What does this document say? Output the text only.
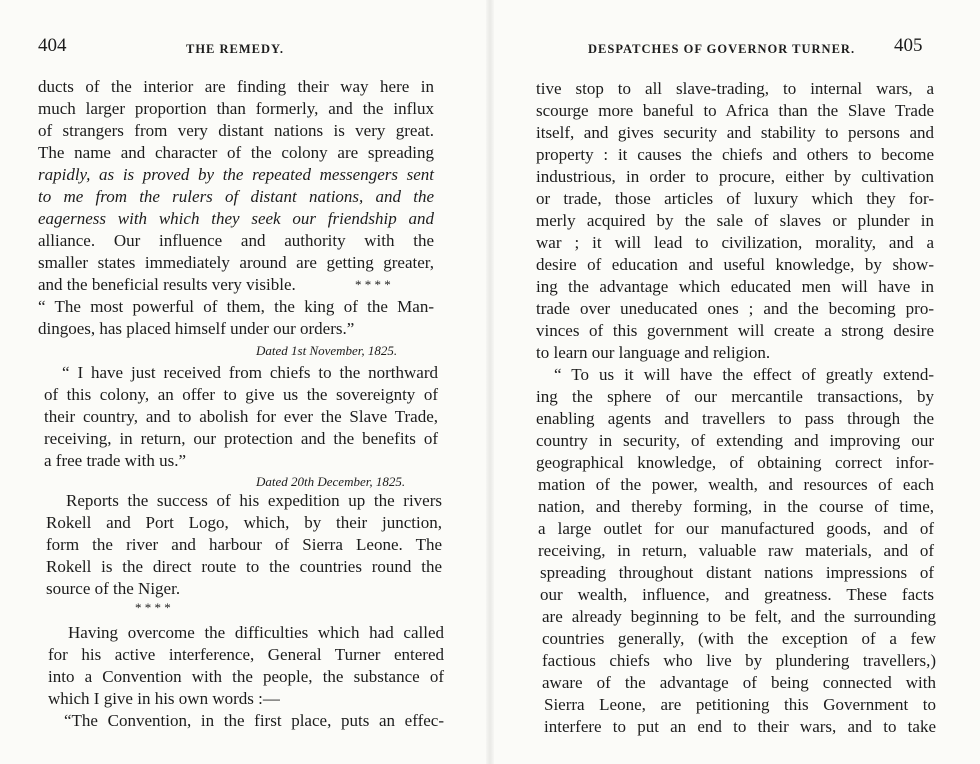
404	THE REMEDY.
ducts of the interior are finding their way here in
much larger proportion than formerly, and the influx
of strangers from very distant nations is very great.
The name and character of the colony are spreading
rapidly, as is proved by the repeated messengers sent
to me from the rulers of distant nations, and the
eagerness with which they seek our friendship and
alliance. Our influence and authority with the
smaller states immediately around are getting greater,
and the beneficial results very visible.	* * * *
“ The most powerful of them, the king of the Man-
dingoes, has placed himself under our orders.”
Dated 1st November, 1825.
“ I have just received from chiefs to the northward
of this colony, an offer to give us the sovereignty of
their country, and to abolish for ever the Slave Trade,
receiving, in return, our protection and the benefits of
a free trade with us.”
Dated 20th December, 1825.
Reports the success of his expedition up the rivers
Rokell and Port Logo, which, by their junction,
form the river and harbour of Sierra Leone. The
Rokell is the direct route to the countries round the
source of the Niger.
* * * *
Having overcome the difficulties which had called
for his active interference, General Turner entered
into a Convention with the people, the substance of
which I give in his own words :—
“The Convention, in the first place, puts an effec-
DESPATCHES OF GOVERNOR TURNER. 405
tive stop to all slave-trading, to internal wars, a
scourge more baneful to Africa than the Slave Trade
itself, and gives security and stability to persons and
property : it causes the chiefs and others to become
industrious, in order to procure, either by cultivation
or trade, those articles of luxury which they for-
merly acquired by the sale of slaves or plunder in
war ; it will lead to civilization, morality, and a
desire of education and useful knowledge, by show-
ing the advantage which educated men will have in
trade over uneducated ones ; and the becoming pro-
vinces of this government will create a strong desire
to learn our language and religion.
“ To us it will have the effect of greatly extend-
ing the sphere of our mercantile transactions, by
enabling agents and travellers to pass through the
country in security, of extending and improving our
geographical knowledge, of obtaining correct infor-
mation of the power, wealth, and resources of each
nation, and thereby forming, in the course of time,
a large outlet for our manufactured goods, and of
receiving, in return, valuable raw materials, and of
spreading throughout distant nations impressions of
our wealth, influence, and greatness. These facts
are already beginning to be felt, and the surrounding
countries generally, (with the exception of a few
factious chiefs who live by plundering travellers,)
aware of the advantage of being connected with
Sierra Leone, are petitioning this Government to
interfere to put an end to their wars, and to take
